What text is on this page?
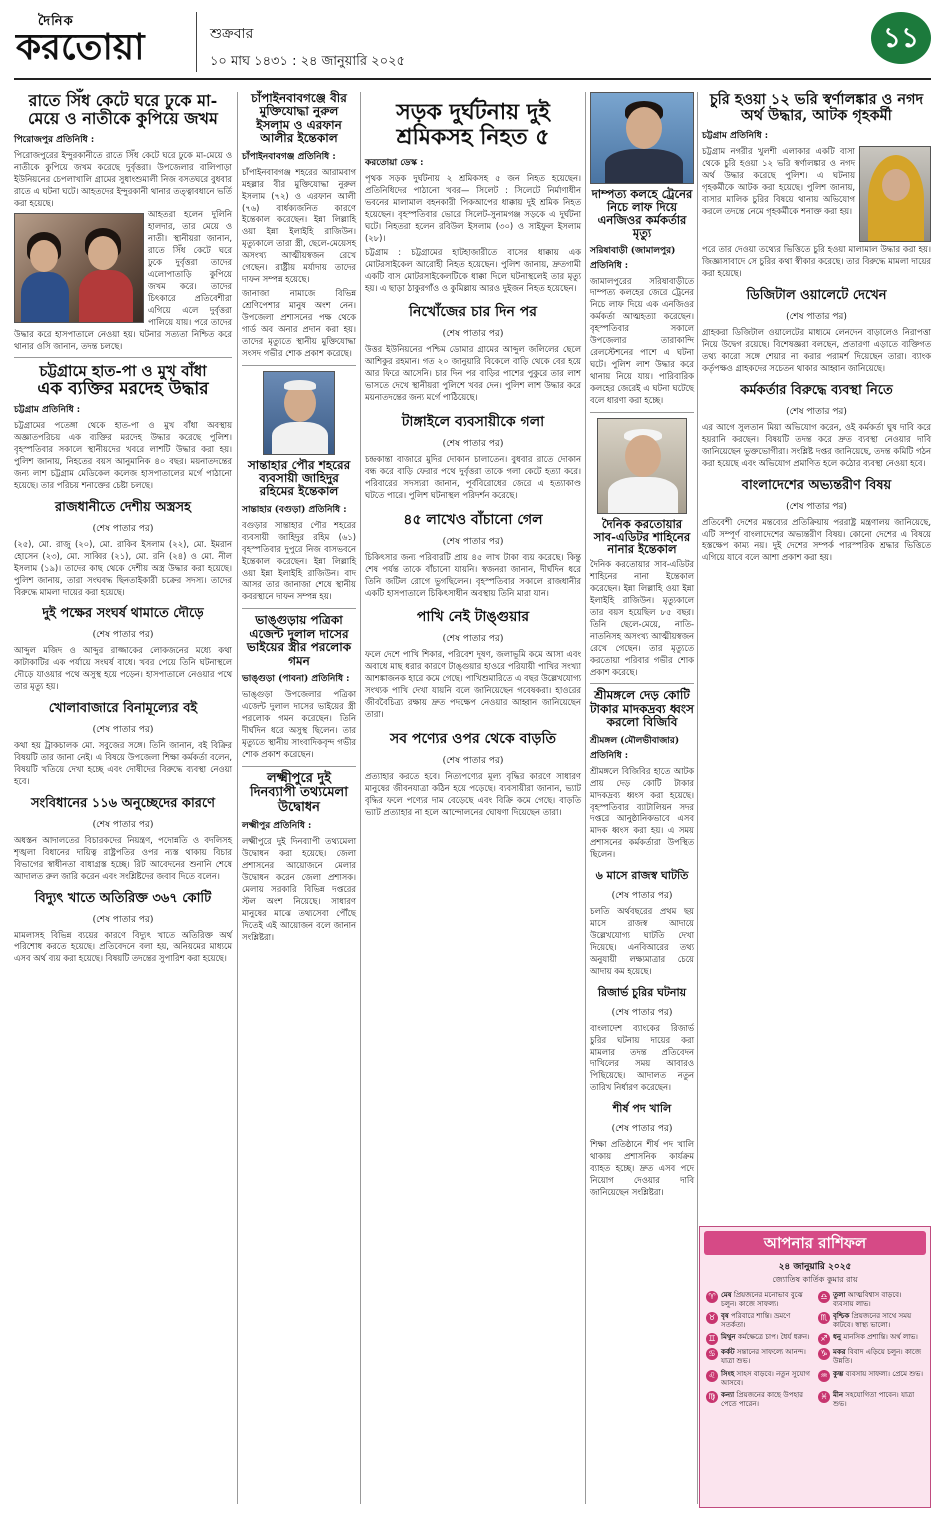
দৈনিক
করতোয়া	শুক্রবার
১০ মাঘ ১৪৩১ : ২৪ জানুয়ারি ২০২৫
১১
রাতে সিঁধ কেটে ঘরে ঢুকে মা-মেয়ে ও নাতীকে কুপিয়ে জখম
পিরোজপুর প্রতিনিধি :
পিরোজপুরের ইন্দুরকানীতে রাতে সিঁধ কেটে ঘরে ঢুকে মা-মেয়ে ও নাতীকে কুপিয়ে জখম করেছে দুর্বৃত্তরা। উপজেলার বালিপাড়া ইউনিয়নের চেপলাখালি গ্রামের সুধাংশুমালী নিজ বসতঘরে বুধবার রাতে এ ঘটনা ঘটে। আহতদের ইন্দুরকানী থানার তত্ত্বাবধানে ভর্তি করা হয়েছে।
আহতরা হলেন দুলিনি হালদার, তার মেয়ে ও নাতী। স্থানীয়রা জানান, রাতে সিঁধ কেটে ঘরে ঢুকে দুর্বৃত্তরা তাদের এলোপাতাড়ি কুপিয়ে জখম করে। তাদের চিৎকারে প্রতিবেশীরা এগিয়ে এলে দুর্বৃত্তরা পালিয়ে যায়। পরে তাদের উদ্ধার করে হাসপাতালে নেওয়া হয়। ঘটনার সত্যতা নিশ্চিত করে থানার ওসি জানান, তদন্ত চলছে।
চট্টগ্রামে হাত-পা ও মুখ বাঁধা
এক ব্যক্তির মরদেহ উদ্ধার
চট্টগ্রাম প্রতিনিধি :
চট্টগ্রামের পতেঙ্গা থেকে হাত-পা ও মুখ বাঁধা অবস্থায় অজ্ঞাতপরিচয় এক ব্যক্তির মরদেহ উদ্ধার করেছে পুলিশ। বৃহস্পতিবার সকালে স্থানীয়দের খবরে লাশটি উদ্ধার করা হয়। পুলিশ জানায়, নিহতের বয়স আনুমানিক ৪০ বছর। ময়নাতদন্তের জন্য লাশ চট্টগ্রাম মেডিকেল কলেজ হাসপাতালের মর্গে পাঠানো হয়েছে। তার পরিচয় শনাক্তের চেষ্টা চলছে।
রাজধানীতে দেশীয় অস্ত্রসহ
(শেষ পাতার পর)
(২৫), মো. রাজু (২০), মো. রাকিব ইসলাম (২২), মো. ইমরান হোসেন (২৩), মো. সাব্বির (২১), মো. রনি (২৪) ও মো. নীল ইসলাম (১৯)। তাদের কাছ থেকে দেশীয় অস্ত্র উদ্ধার করা হয়েছে। পুলিশ জানায়, তারা সংঘবদ্ধ ছিনতাইকারী চক্রের সদস্য। তাদের বিরুদ্ধে মামলা দায়ের করা হয়েছে।
দুই পক্ষের সংঘর্ষ থামাতে দৌড়ে
(শেষ পাতার পর)
আব্দুল মজিদ ও আব্দুর রাজ্জাকের লোকজনের মধ্যে কথা কাটাকাটির এক পর্যায়ে সংঘর্ষ বাধে। খবর পেয়ে তিনি ঘটনাস্থলে দৌড়ে যাওয়ার পথে অসুস্থ হয়ে পড়েন। হাসপাতালে নেওয়ার পথে তার মৃত্যু হয়।
খোলাবাজারে বিনামূল্যের বই
(শেষ পাতার পর)
কথা হয় ট্রাকচালক মো. সবুজের সঙ্গে। তিনি জানান, বই বিক্রির বিষয়টি তার জানা নেই। এ বিষয়ে উপজেলা শিক্ষা কর্মকর্তা বলেন, বিষয়টি খতিয়ে দেখা হচ্ছে এবং দোষীদের বিরুদ্ধে ব্যবস্থা নেওয়া হবে।
সংবিধানের ১১৬ অনুচ্ছেদের কারণে
(শেষ পাতার পর)
অধস্তন আদালতের বিচারকদের নিয়ন্ত্রণ, পদোন্নতি ও বদলিসহ শৃঙ্খলা বিধানের দায়িত্ব রাষ্ট্রপতির ওপর ন্যস্ত থাকায় বিচার বিভাগের স্বাধীনতা বাধাগ্রস্ত হচ্ছে। রিট আবেদনের শুনানি শেষে আদালত রুল জারি করেন এবং সংশ্লিষ্টদের জবাব দিতে বলেন।
বিদ্যুৎ খাতে অতিরিক্ত ৩৬৭ কোটি
(শেষ পাতার পর)
মামলাসহ বিভিন্ন ব্যয়ের কারণে বিদ্যুৎ খাতে অতিরিক্ত অর্থ পরিশোধ করতে হয়েছে। প্রতিবেদনে বলা হয়, অনিয়মের মাধ্যমে এসব অর্থ ব্যয় করা হয়েছে। বিষয়টি তদন্তের সুপারিশ করা হয়েছে।
চাঁপাইনবাবগঞ্জে বীর মুক্তিযোদ্ধা নুরুল ইসলাম ও এরফান আলীর ইন্তেকাল
চাঁপাইনবাবগঞ্জ প্রতিনিধি :
চাঁপাইনবাবগঞ্জ শহরের আরামবাগ মহল্লার বীর মুক্তিযোদ্ধা নুরুল ইসলাম (৭২) ও এরফান আলী (৭৬) বার্ধক্যজনিত কারণে ইন্তেকাল করেছেন। ইন্না লিল্লাহি ওয়া ইন্না ইলাইহি রাজিউন। মৃত্যুকালে তারা স্ত্রী, ছেলে-মেয়েসহ অসংখ্য আত্মীয়স্বজন রেখে গেছেন। রাষ্ট্রীয় মর্যাদায় তাদের দাফন সম্পন্ন হয়েছে।
জানাজা নামাজে বিভিন্ন শ্রেণিপেশার মানুষ অংশ নেন। উপজেলা প্রশাসনের পক্ষ থেকে গার্ড অব অনার প্রদান করা হয়। তাদের মৃত্যুতে স্থানীয় মুক্তিযোদ্ধা সংসদ গভীর শোক প্রকাশ করেছে।
সান্তাহার পৌর শহরের ব্যবসায়ী জাহিদুর রহিমের ইন্তেকাল
সান্তাহার (বগুড়া) প্রতিনিধি :
বগুড়ার সান্তাহার পৌর শহরের ব্যবসায়ী জাহিদুর রহিম (৬১) বৃহস্পতিবার দুপুরে নিজ বাসভবনে ইন্তেকাল করেছেন। ইন্না লিল্লাহি ওয়া ইন্না ইলাইহি রাজিউন। বাদ আসর তার জানাজা শেষে স্থানীয় কবরস্থানে দাফন সম্পন্ন হয়।
ভাঙ্গুড়ায় পত্রিকা এজেন্ট দুলাল দাসের ভাইয়ের স্ত্রীর পরলোক গমন
ভাঙ্গুড়া (পাবনা) প্রতিনিধি :
ভাঙ্গুড়া উপজেলার পত্রিকা এজেন্ট দুলাল দাসের ভাইয়ের স্ত্রী পরলোক গমন করেছেন। তিনি দীর্ঘদিন ধরে অসুস্থ ছিলেন। তার মৃত্যুতে স্থানীয় সাংবাদিকবৃন্দ গভীর শোক প্রকাশ করেছেন।
লক্ষ্মীপুরে দুই দিনব্যাপী তথ্যমেলা উদ্বোধন
লক্ষ্মীপুর প্রতিনিধি :
লক্ষ্মীপুরে দুই দিনব্যাপী তথ্যমেলা উদ্বোধন করা হয়েছে। জেলা প্রশাসনের আয়োজনে মেলার উদ্বোধন করেন জেলা প্রশাসক। মেলায় সরকারি বিভিন্ন দপ্তরের স্টল অংশ নিয়েছে। সাধারণ মানুষের মাঝে তথ্যসেবা পৌঁছে দিতেই এই আয়োজন বলে জানান সংশ্লিষ্টরা।
সড়ক দুর্ঘটনায় দুই শ্রমিকসহ নিহত ৫
করতোয়া ডেস্ক :
পৃথক সড়ক দুর্ঘটনায় ২ শ্রমিকসহ ৫ জন নিহত হয়েছেন। প্রতিনিধিদের পাঠানো খবর— সিলেট : সিলেটে নির্মাণাধীন ভবনের মালামাল বহনকারী পিকআপের ধাক্কায় দুই শ্রমিক নিহত হয়েছেন। বৃহস্পতিবার ভোরে সিলেট-সুনামগঞ্জ সড়কে এ দুর্ঘটনা ঘটে। নিহতরা হলেন রবিউল ইসলাম (৩০) ও সাইফুল ইসলাম (২৮)।
চট্টগ্রাম : চট্টগ্রামের হাটহাজারীতে বাসের ধাক্কায় এক মোটরসাইকেল আরোহী নিহত হয়েছেন। পুলিশ জানায়, দ্রুতগামী একটি বাস মোটরসাইকেলটিকে ধাক্কা দিলে ঘটনাস্থলেই তার মৃত্যু হয়। এ ছাড়া ঠাকুরগাঁও ও কুমিল্লায় আরও দুইজন নিহত হয়েছেন।
নিখোঁজের চার দিন পর
(শেষ পাতার পর)
উত্তর ইউনিয়নের পশ্চিম ডোমার গ্রামের আব্দুল জলিলের ছেলে আশিকুর রহমান। গত ২০ জানুয়ারি বিকেলে বাড়ি থেকে বের হয়ে আর ফিরে আসেনি। চার দিন পর বাড়ির পাশের পুকুরে তার লাশ ভাসতে দেখে স্থানীয়রা পুলিশে খবর দেন। পুলিশ লাশ উদ্ধার করে ময়নাতদন্তের জন্য মর্গে পাঠিয়েছে।
টাঙ্গাইলে ব্যবসায়ীকে গলা
(শেষ পাতার পর)
চন্দ্রকান্তা বাজারে মুদির দোকান চালাতেন। বুধবার রাতে দোকান বন্ধ করে বাড়ি ফেরার পথে দুর্বৃত্তরা তাকে গলা কেটে হত্যা করে। পরিবারের সদস্যরা জানান, পূর্ববিরোধের জেরে এ হত্যাকাণ্ড ঘটতে পারে। পুলিশ ঘটনাস্থল পরিদর্শন করেছে।
৪৫ লাখেও বাঁচানো গেল
(শেষ পাতার পর)
চিকিৎসার জন্য পরিবারটি প্রায় ৪৫ লাখ টাকা ব্যয় করেছে। কিন্তু শেষ পর্যন্ত তাকে বাঁচানো যায়নি। স্বজনরা জানান, দীর্ঘদিন ধরে তিনি জটিল রোগে ভুগছিলেন। বৃহস্পতিবার সকালে রাজধানীর একটি হাসপাতালে চিকিৎসাধীন অবস্থায় তিনি মারা যান।
পাখি নেই টাঙ্গুয়ার
(শেষ পাতার পর)
ফলে দেশে পাখি শিকার, পরিবেশ দূষণ, জলাভূমি কমে আসা এবং অবাধে মাছ ধরার কারণে টাঙ্গুয়ার হাওরে পরিযায়ী পাখির সংখ্যা আশঙ্কাজনক হারে কমে গেছে। পাখিশুমারিতে এ বছর উল্লেখযোগ্য সংখ্যক পাখি দেখা যায়নি বলে জানিয়েছেন গবেষকরা। হাওরের জীববৈচিত্র্য রক্ষায় দ্রুত পদক্ষেপ নেওয়ার আহ্বান জানিয়েছেন তারা।
সব পণ্যের ওপর থেকে বাড়তি
(শেষ পাতার পর)
প্রত্যাহার করতে হবে। নিত্যপণ্যের মূল্য বৃদ্ধির কারণে সাধারণ মানুষের জীবনযাত্রা কঠিন হয়ে পড়েছে। ব্যবসায়ীরা জানান, ভ্যাট বৃদ্ধির ফলে পণ্যের দাম বেড়েছে এবং বিক্রি কমে গেছে। বাড়তি ভ্যাট প্রত্যাহার না হলে আন্দোলনের ঘোষণা দিয়েছেন তারা।
দাম্পত্য কলহে ট্রেনের নিচে লাফ দিয়ে এনজিওর কর্মকর্তার মৃত্যু
সরিষাবাড়ী (জামালপুর) প্রতিনিধি :
জামালপুরের সরিষাবাড়ীতে দাম্পত্য কলহের জেরে ট্রেনের নিচে লাফ দিয়ে এক এনজিওর কর্মকর্তা আত্মহত্যা করেছেন। বৃহস্পতিবার সকালে উপজেলার তারাকান্দি রেলস্টেশনের পাশে এ ঘটনা ঘটে। পুলিশ লাশ উদ্ধার করে থানায় নিয়ে যায়। পারিবারিক কলহের জেরেই এ ঘটনা ঘটেছে বলে ধারণা করা হচ্ছে।
দৈনিক করতোয়ার সাব-এডিটর শাহিনের নানার ইন্তেকাল
দৈনিক করতোয়ার সাব-এডিটর শাহিনের নানা ইন্তেকাল করেছেন। ইন্না লিল্লাহি ওয়া ইন্না ইলাইহি রাজিউন। মৃত্যুকালে তার বয়স হয়েছিল ৮৫ বছর। তিনি ছেলে-মেয়ে, নাতি-নাতনিসহ অসংখ্য আত্মীয়স্বজন রেখে গেছেন। তার মৃত্যুতে করতোয়া পরিবার গভীর শোক প্রকাশ করেছে।
শ্রীমঙ্গলে দেড় কোটি টাকার মাদকদ্রব্য ধ্বংস করলো বিজিবি
শ্রীমঙ্গল (মৌলভীবাজার) প্রতিনিধি :
শ্রীমঙ্গলে বিজিবির হাতে আটক প্রায় দেড় কোটি টাকার মাদকদ্রব্য ধ্বংস করা হয়েছে। বৃহস্পতিবার ব্যাটালিয়ন সদর দপ্তরে আনুষ্ঠানিকভাবে এসব মাদক ধ্বংস করা হয়। এ সময় প্রশাসনের কর্মকর্তারা উপস্থিত ছিলেন।
৬ মাসে রাজস্ব ঘাটতি
(শেষ পাতার পর)
চলতি অর্থবছরের প্রথম ছয় মাসে রাজস্ব আদায়ে উল্লেখযোগ্য ঘাটতি দেখা দিয়েছে। এনবিআরের তথ্য অনুযায়ী লক্ষ্যমাত্রার চেয়ে আদায় কম হয়েছে।
রিজার্ভ চুরির ঘটনায়
(শেষ পাতার পর)
বাংলাদেশ ব্যাংকের রিজার্ভ চুরির ঘটনায় দায়ের করা মামলার তদন্ত প্রতিবেদন দাখিলের সময় আবারও পিছিয়েছে। আদালত নতুন তারিখ নির্ধারণ করেছেন।
শীর্ষ পদ খালি
(শেষ পাতার পর)
শিক্ষা প্রতিষ্ঠানে শীর্ষ পদ খালি থাকায় প্রশাসনিক কার্যক্রম ব্যাহত হচ্ছে। দ্রুত এসব পদে নিয়োগ দেওয়ার দাবি জানিয়েছেন সংশ্লিষ্টরা।
চুরি হওয়া ১২ ভরি স্বর্ণালঙ্কার ও নগদ অর্থ উদ্ধার, আটক গৃহকর্মী
চট্টগ্রাম প্রতিনিধি :
চট্টগ্রাম নগরীর খুলশী এলাকার একটি বাসা থেকে চুরি হওয়া ১২ ভরি স্বর্ণালঙ্কার ও নগদ অর্থ উদ্ধার করেছে পুলিশ। এ ঘটনায় গৃহকর্মীকে আটক করা হয়েছে। পুলিশ জানায়, বাসার মালিক চুরির বিষয়ে থানায় অভিযোগ করলে তদন্তে নেমে গৃহকর্মীকে শনাক্ত করা হয়।
পরে তার দেওয়া তথ্যের ভিত্তিতে চুরি হওয়া মালামাল উদ্ধার করা হয়। জিজ্ঞাসাবাদে সে চুরির কথা স্বীকার করেছে। তার বিরুদ্ধে মামলা দায়ের করা হয়েছে।
ডিজিটাল ওয়ালেটে দেখেন
(শেষ পাতার পর)
গ্রাহকরা ডিজিটাল ওয়ালেটের মাধ্যমে লেনদেন বাড়ালেও নিরাপত্তা নিয়ে উদ্বেগ রয়েছে। বিশেষজ্ঞরা বলছেন, প্রতারণা এড়াতে ব্যক্তিগত তথ্য কারো সঙ্গে শেয়ার না করার পরামর্শ দিয়েছেন তারা। ব্যাংক কর্তৃপক্ষও গ্রাহকদের সচেতন থাকার আহ্বান জানিয়েছে।
কর্মকর্তার বিরুদ্ধে ব্যবস্থা নিতে
(শেষ পাতার পর)
এর আগে সুলতান মিয়া অভিযোগ করেন, ওই কর্মকর্তা ঘুষ দাবি করে হয়রানি করছেন। বিষয়টি তদন্ত করে দ্রুত ব্যবস্থা নেওয়ার দাবি জানিয়েছেন ভুক্তভোগীরা। সংশ্লিষ্ট দপ্তর জানিয়েছে, তদন্ত কমিটি গঠন করা হয়েছে এবং অভিযোগ প্রমাণিত হলে কঠোর ব্যবস্থা নেওয়া হবে।
বাংলাদেশের অভ্যন্তরীণ বিষয়
(শেষ পাতার পর)
প্রতিবেশী দেশের মন্তব্যের প্রতিক্রিয়ায় পররাষ্ট্র মন্ত্রণালয় জানিয়েছে, এটি সম্পূর্ণ বাংলাদেশের অভ্যন্তরীণ বিষয়। কোনো দেশের এ বিষয়ে হস্তক্ষেপ কাম্য নয়। দুই দেশের সম্পর্ক পারস্পরিক শ্রদ্ধার ভিত্তিতে এগিয়ে যাবে বলে আশা প্রকাশ করা হয়।
আপনার রাশিফল
২৪ জানুয়ারি ২০২৫
জ্যোতিষ কার্তিক কুমার রায়
♈ মেষ প্রিয়জনের মনোভাব বুঝে চলুন। কাজে সাফল্য।
♎ তুলা আত্মবিশ্বাস বাড়বে। ব্যবসায় লাভ।
♉ বৃষ পরিবারে শান্তি। ভ্রমণে সতর্কতা।
♏ বৃশ্চিক প্রিয়জনের সাথে সময় কাটবে। স্বাস্থ্য ভালো।
♊ মিথুন কর্মক্ষেত্রে চাপ। ধৈর্য ধরুন।	♐ ধনু মানসিক প্রশান্তি। অর্থ লাভ।
♋ কর্কট সন্তানের সাফল্যে আনন্দ। যাত্রা শুভ।
♑ মকর বিবাদ এড়িয়ে চলুন। কাজে উন্নতি।
♌ সিংহ সাহস বাড়বে। নতুন সুযোগ আসবে।
♒ কুম্ভ ব্যবসায় সাফল্য। প্রেমে শুভ।
♍ কন্যা প্রিয়জনের কাছে উপহার পেতে পারেন।
♓ মীন সহযোগিতা পাবেন। যাত্রা শুভ।
